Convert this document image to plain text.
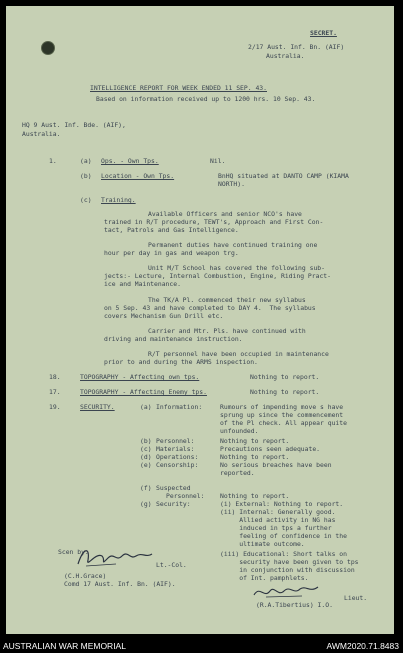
SECRET.
2/17 Aust. Inf. Bn. (AIF)
Australia.
INTELLIGENCE REPORT FOR WEEK ENDED 11 SEP. 43.
Based on information received up to 1200 hrs. 10 Sep. 43.
HQ 9 Aust. Inf. Bde. (AIF),
Australia.
1.	(a) Ops. - Own Tps.	Nil.
(b) Location - Own Tps.	BnHQ situated at DANTO CAMP (KIAMA
NORTH).
(c) Training.
Available Officers and senior NCO's have
trained in R/T procedure, TEWT's, Approach and First Con-
tact, Patrols and Gas Intelligence.
Permanent duties have continued training one
hour per day in gas and weapon trg.
Unit M/T School has covered the following sub-
jects:- Lecture, Internal Combustion, Engine, Riding Pract-
ice and Maintenance.
The TK/A Pl. commenced their new syllabus
on 5 Sep. 43 and have completed to DAY 4.  The syllabus
covers Mechanism Gun Drill etc.
Carrier and Mtr. Pls. have continued with
driving and maintenance instruction.
R/T personnel have been occupied in maintenance
prior to and during the ARMS inspection.
18.	TOPOGRAPHY - Affecting own tps.	Nothing to report.
17.	TOPOGRAPHY - Affecting Enemy tps.	Nothing to report.
19.	SECURITY.	(a) Information:	Rumours of impending move s have
sprung up since the commencement
of the Pl check. All appear quite
unfounded.
(b) Personnel:	Nothing to report.
(c) Materials:	Precautions seen adequate.
(d) Operations:	Nothing to report.
(e) Censorship:	No serious breaches have been
reported.
(f) Suspected
Personnel: Nothing to report.
(g) Security:	(i) External: Nothing to report.
(ii) Internal: Generally good.
Allied activity in NG has
induced in tps a further
feeling of confidence in the
ultimate outcome.
(iii) Educational: Short talks on
security have been given to tps
in conjunction with discussion
of Int. pamphlets.
Scen by:
Lt.-Col.
(C.H.Grace)
Comd 17 Aust. Inf. Bn. (AIF).
Lieut.
(R.A.Tibertius) I.O.
AUSTRALIAN WAR MEMORIAL	AWM2020.71.8483
